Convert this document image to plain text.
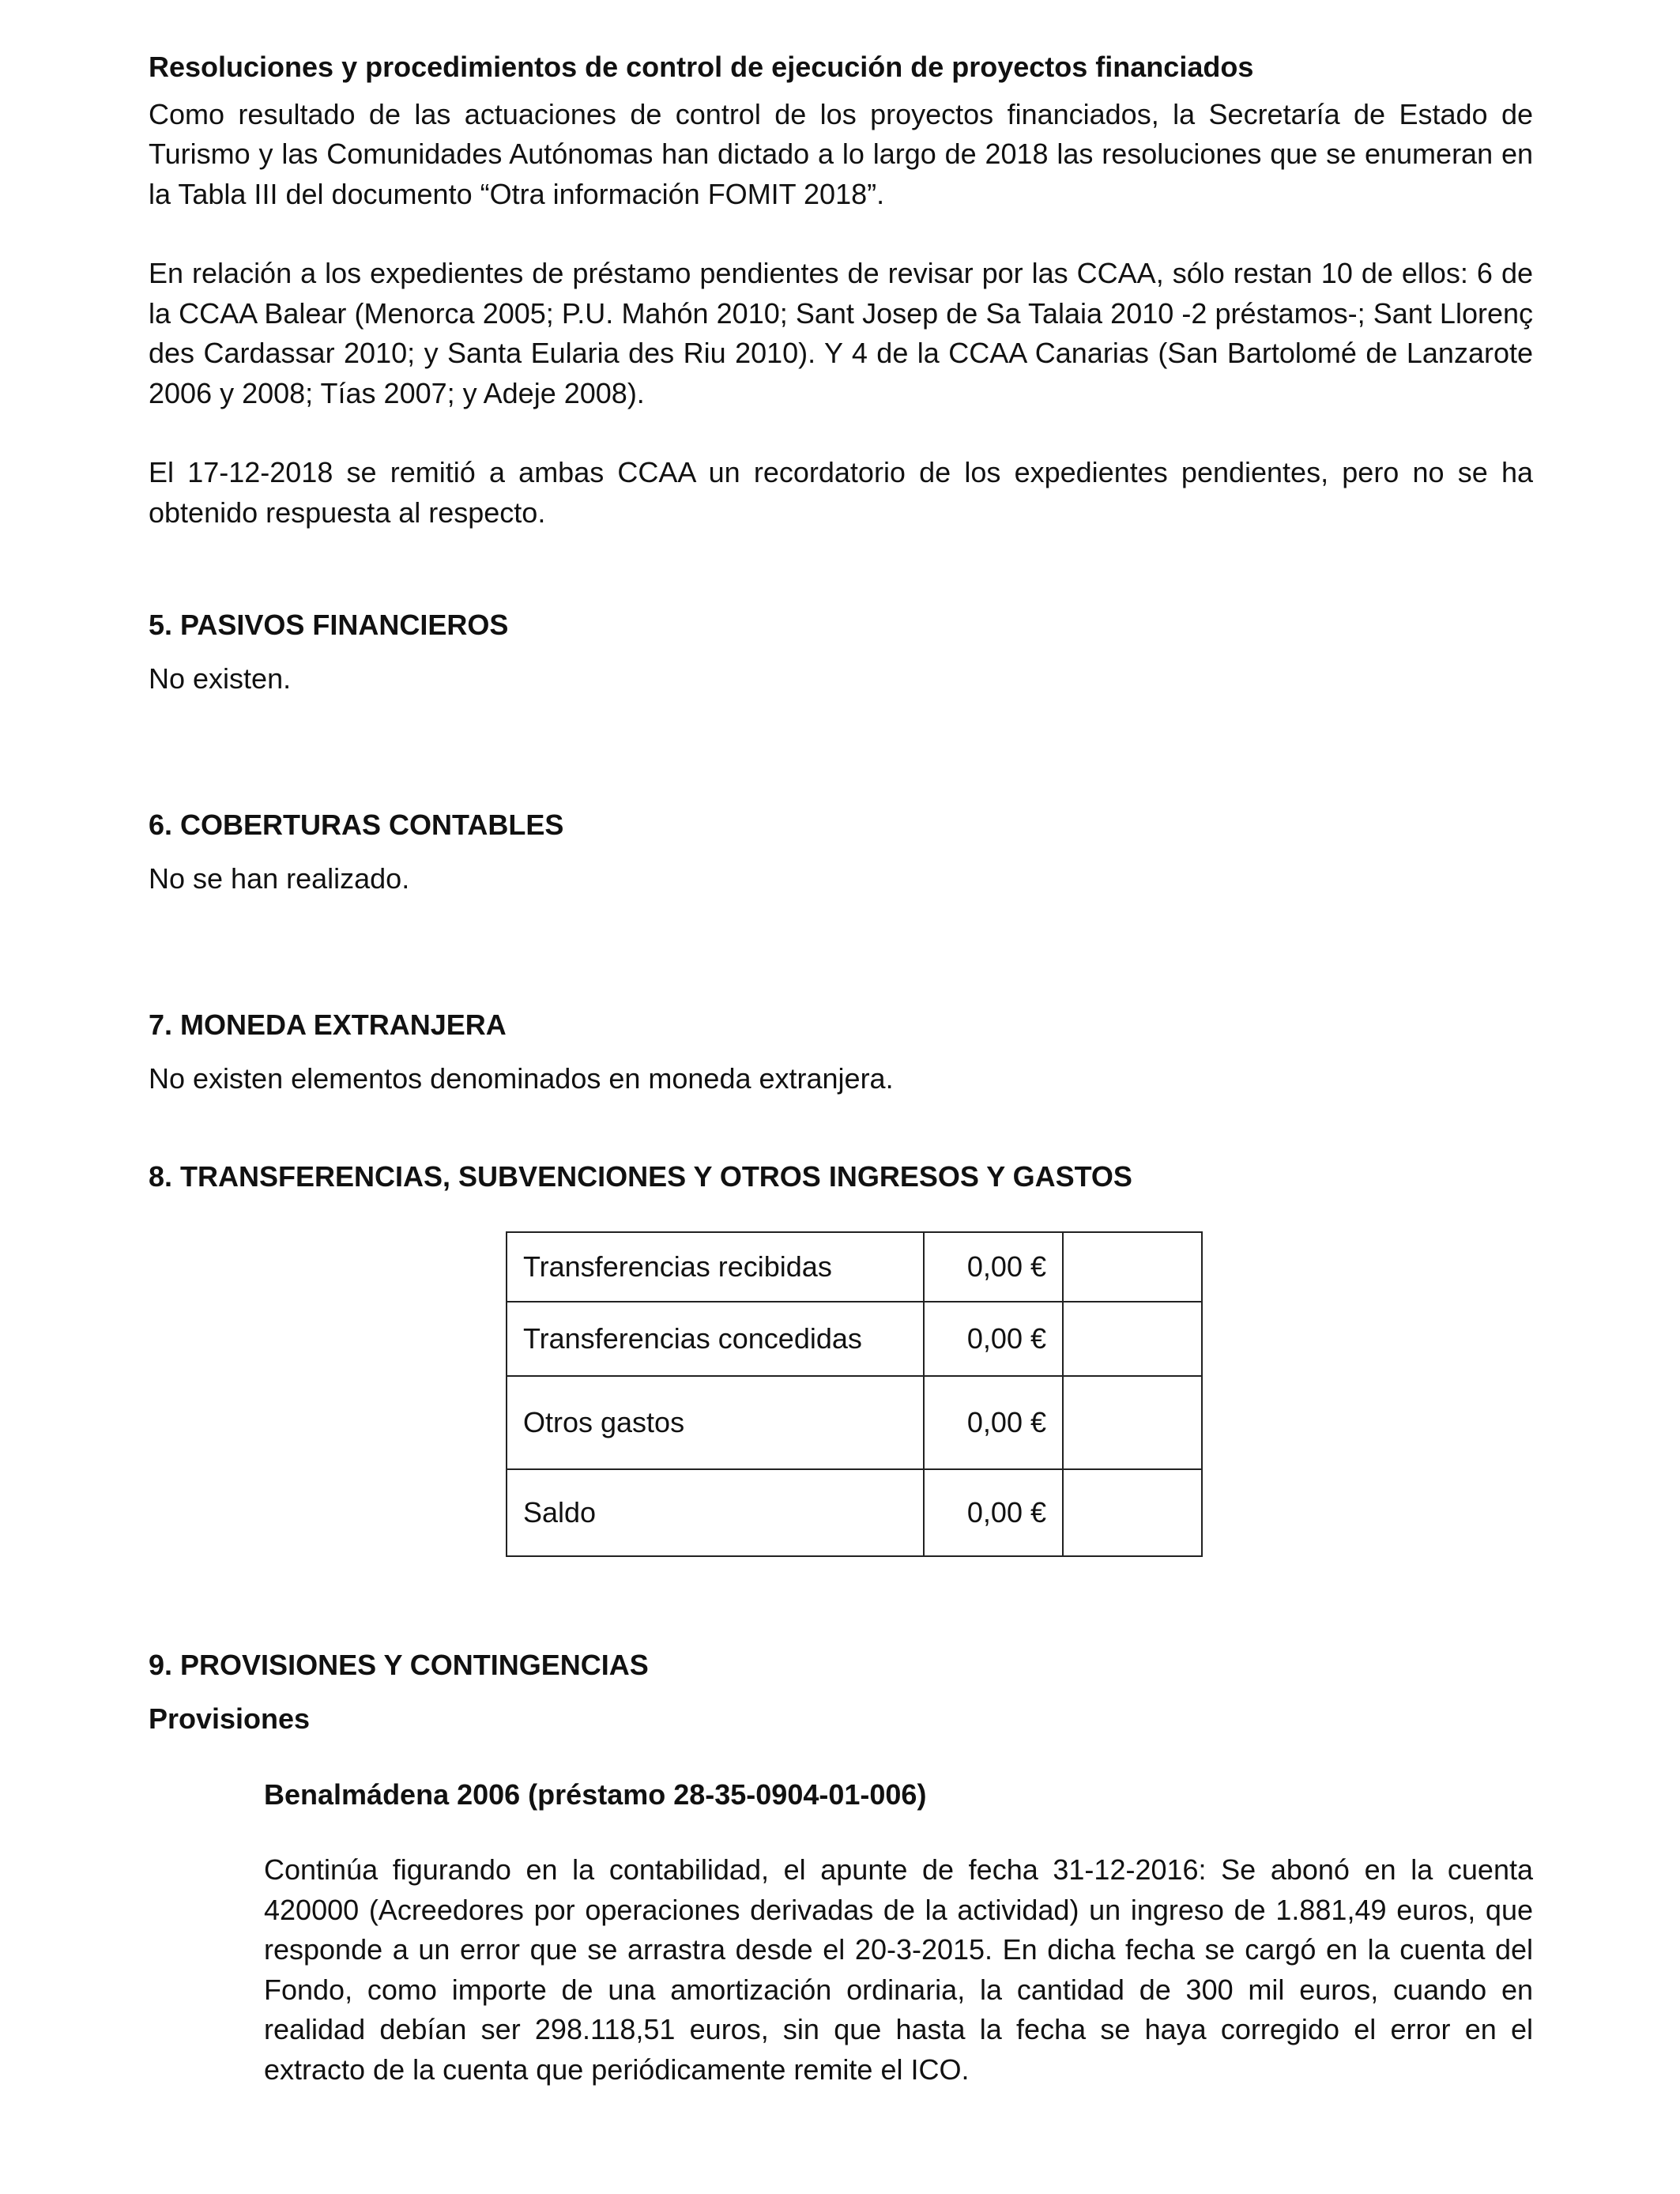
Resoluciones y procedimientos de control de ejecución de proyectos financiados

Como resultado de las actuaciones de control de los proyectos financiados, la Secretaría de Estado de Turismo y las Comunidades Autónomas han dictado a lo largo de 2018 las resoluciones que se enumeran en la Tabla III del documento “Otra información FOMIT 2018”.

En relación a los expedientes de préstamo pendientes de revisar por las CCAA, sólo restan 10 de ellos: 6 de la CCAA Balear (Menorca 2005; P.U. Mahón 2010; Sant Josep de Sa Talaia 2010 -2 préstamos-; Sant Llorenç des Cardassar 2010; y Santa Eularia des Riu 2010). Y 4 de la CCAA Canarias (San Bartolomé de Lanzarote 2006 y 2008; Tías 2007; y Adeje 2008).

El 17-12-2018 se remitió a ambas CCAA un recordatorio de los expedientes pendientes, pero no se ha obtenido respuesta al respecto.

5. PASIVOS FINANCIEROS

No existen.

6. COBERTURAS CONTABLES

No se han realizado.

7. MONEDA EXTRANJERA

No existen elementos denominados en moneda extranjera.

8. TRANSFERENCIAS, SUBVENCIONES Y OTROS INGRESOS Y GASTOS

Transferencias recibidas	0,00 €	
Transferencias concedidas	0,00 €	
Otros gastos	0,00 €	
Saldo	0,00 €	

9. PROVISIONES Y CONTINGENCIAS

Provisiones

Benalmádena 2006 (préstamo 28-35-0904-01-006)

Continúa figurando en la contabilidad, el apunte de fecha 31-12-2016: Se abonó en la cuenta 420000 (Acreedores por operaciones derivadas de la actividad) un ingreso de 1.881,49 euros, que responde a un error que se arrastra desde el 20-3-2015. En dicha fecha se cargó en la cuenta del Fondo, como importe de una amortización ordinaria, la cantidad de 300 mil euros, cuando en realidad debían ser 298.118,51 euros, sin que hasta la fecha se haya corregido el error en el extracto de la cuenta que periódicamente remite el ICO.
